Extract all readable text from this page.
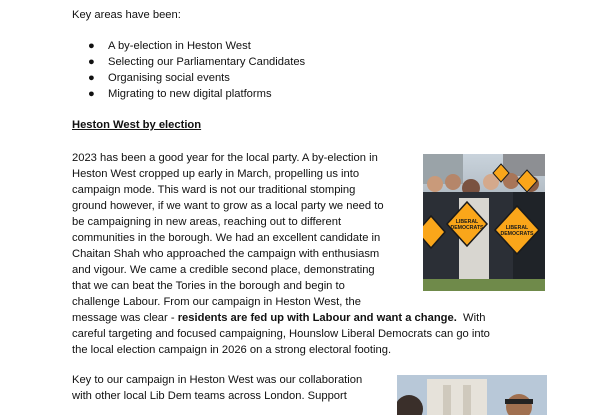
Key areas have been:
● A by-election in Heston West
● Selecting our Parliamentary Candidates
● Organising social events
● Migrating to new digital platforms
Heston West by election
2023 has been a good year for the local party. A by-election in
Heston West cropped up early in March, propelling us into
campaign mode. This ward is not our traditional stomping
ground however, if we want to grow as a local party we need to
be campaigning in new areas, reaching out to different
communities in the borough. We had an excellent candidate in
Chaitan Shah who approached the campaign with enthusiasm
and vigour. We came a credible second place, demonstrating
that we can beat the Tories in the borough and begin to
challenge Labour. From our campaign in Heston West, the
message was clear - residents are fed up with Labour and want a change.  With
careful targeting and focused campaigning, Hounslow Liberal Democrats can go into
the local election campaign in 2026 on a strong electoral footing.
Key to our campaign in Heston West was our collaboration
with other local Lib Dem teams across London. Support
LIBERAL
DEMOCRATS	LIBERAL
DEMOCRATS
